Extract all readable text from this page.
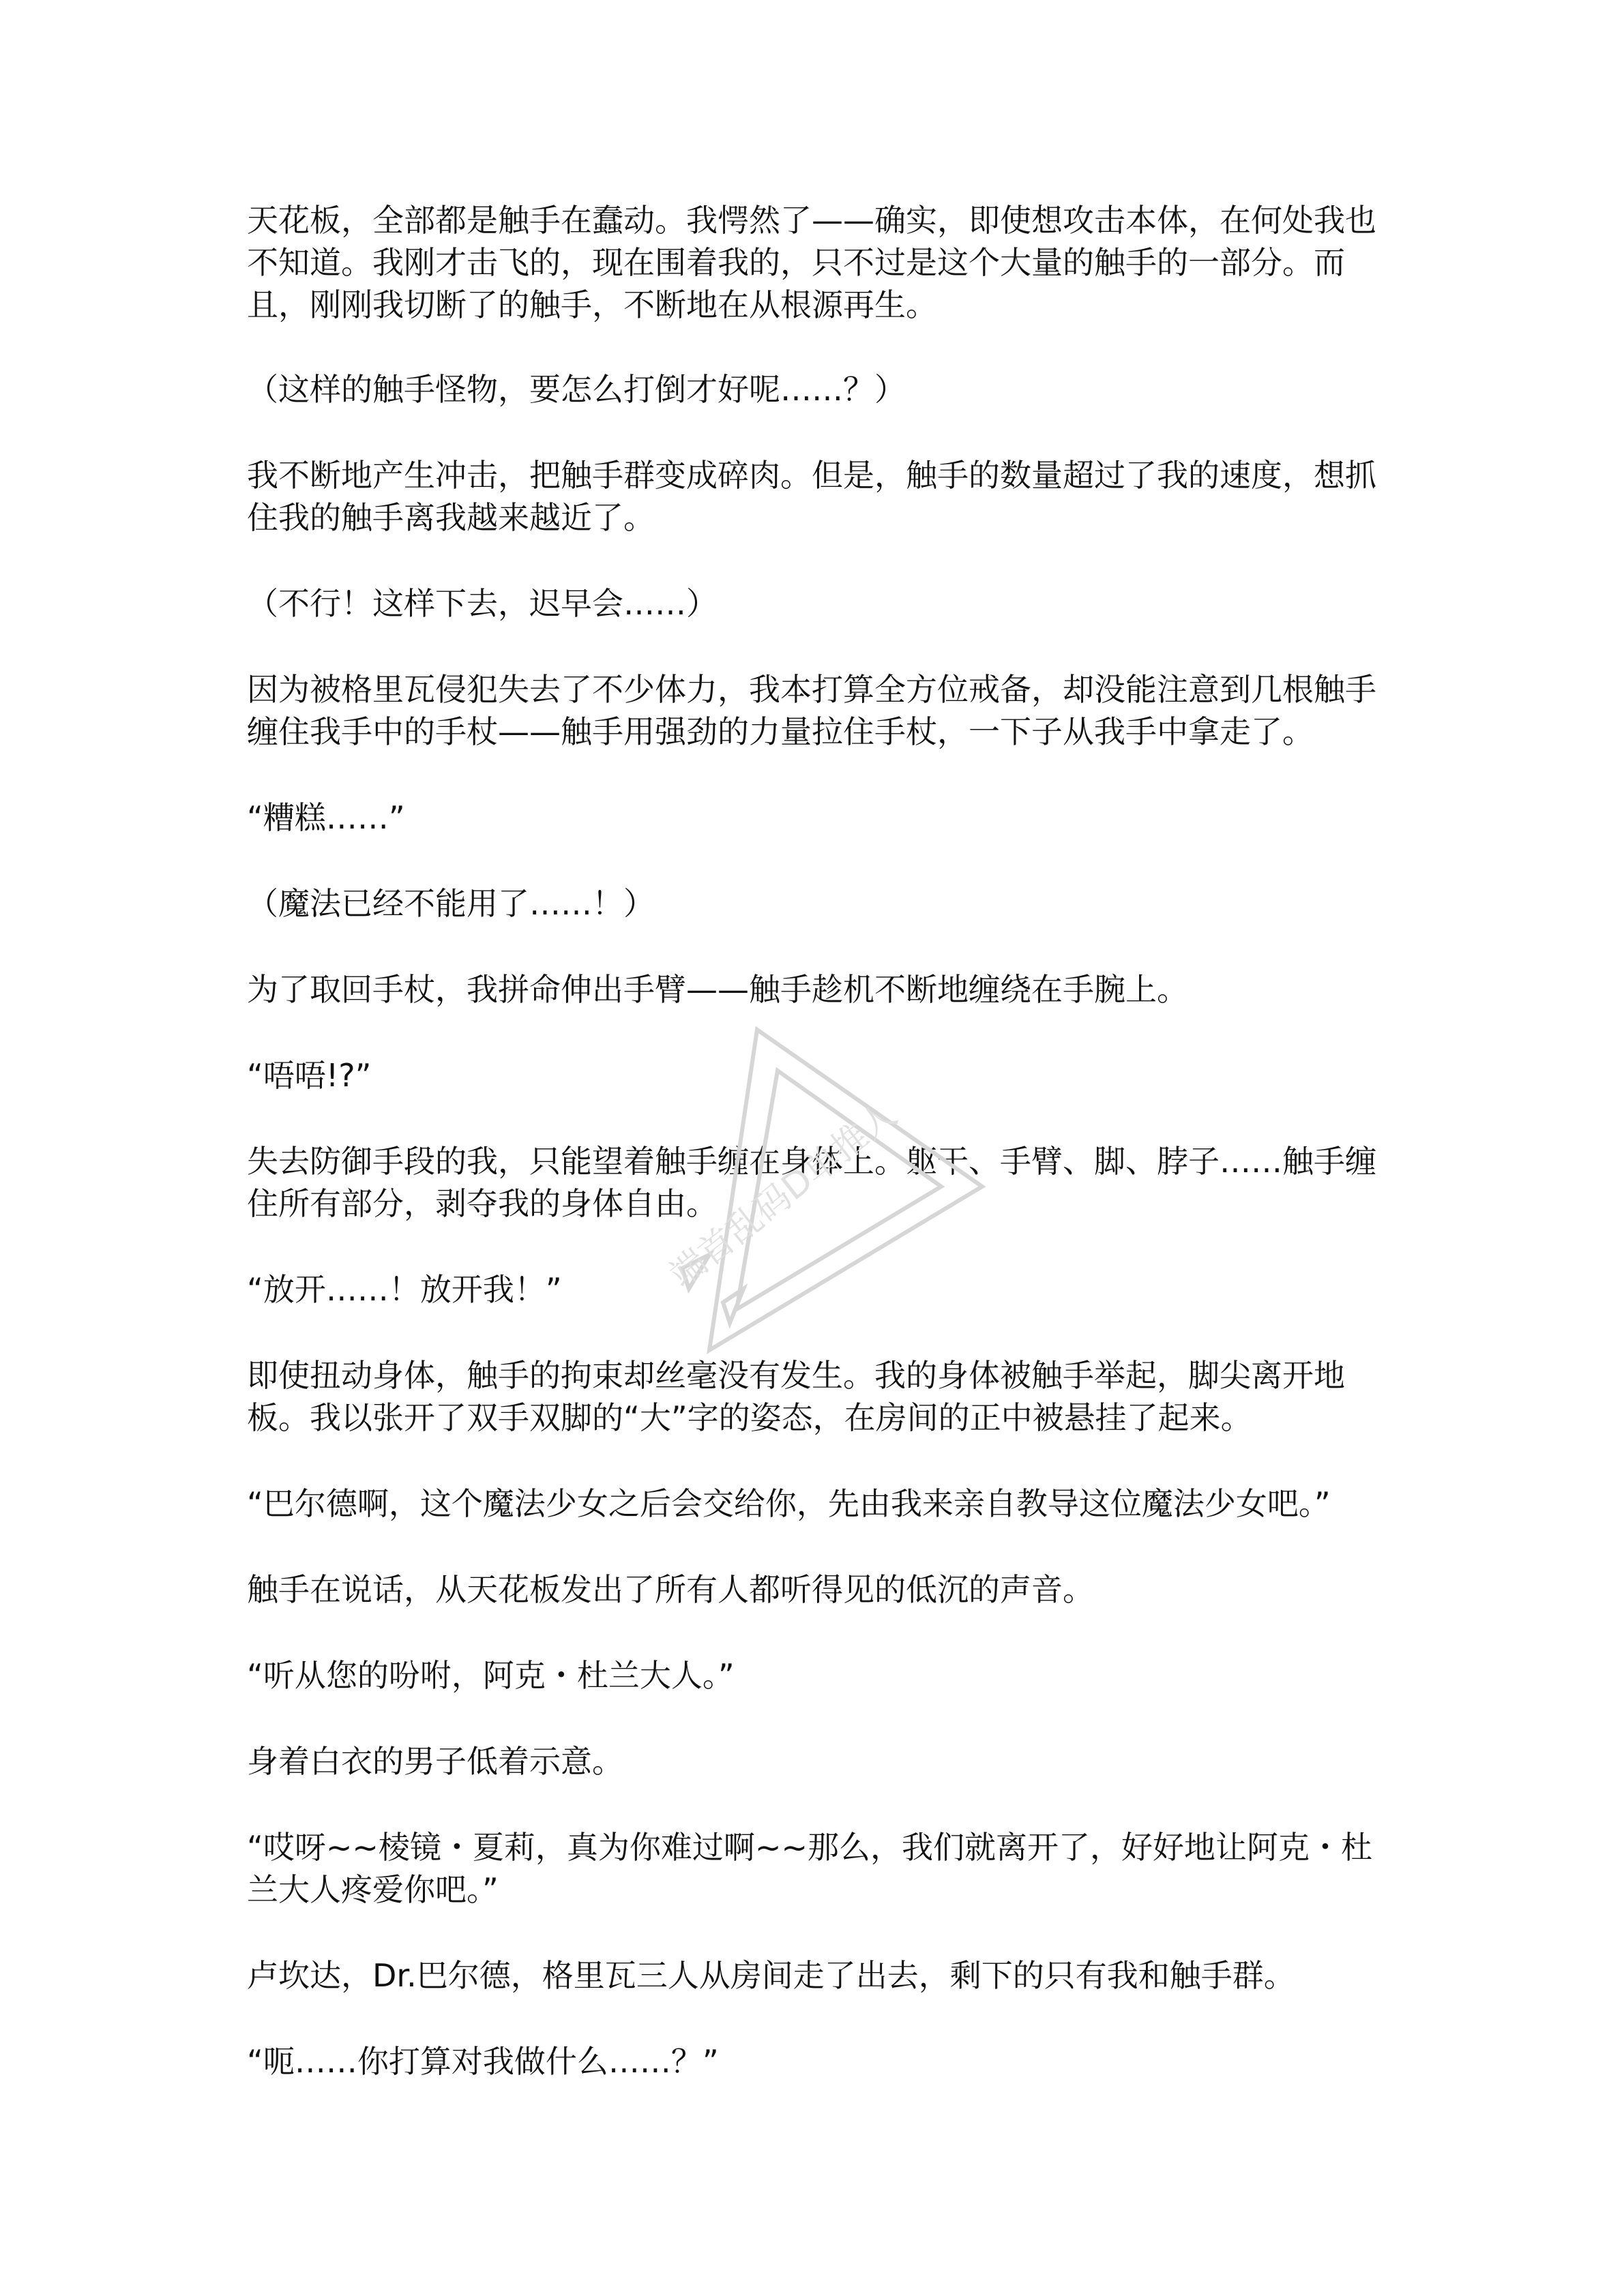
天花板，全部都是触手在蠢动。我愕然了——确实，即使想攻击本体，在何处我也不知道。我刚才击飞的，现在围着我的，只不过是这个大量的触手的一部分。而且，刚刚我切断了的触手，不断地在从根源再生。

（这样的触手怪物，要怎么打倒才好呢……？）

我不断地产生冲击，把触手群变成碎肉。但是，触手的数量超过了我的速度，想抓住我的触手离我越来越近了。

（不行！这样下去，迟早会……）

因为被格里瓦侵犯失去了不少体力，我本打算全方位戒备，却没能注意到几根触手缠住我手中的手杖——触手用强劲的力量拉住手杖，一下子从我手中拿走了。

“糟糕……”

（魔法已经不能用了……！）

为了取回手杖，我拼命伸出手臂——触手趁机不断地缠绕在手腕上。

“唔唔!?”

失去防御手段的我，只能望着触手缠在身体上。躯干、手臂、脚、脖子……触手缠住所有部分，剥夺我的身体自由。

“放开……！放开我！”

即使扭动身体，触手的拘束却丝毫没有发生。我的身体被触手举起，脚尖离开地板。我以张开了双手双脚的“大”字的姿态，在房间的正中被悬挂了起来。

“巴尔德啊，这个魔法少女之后会交给你，先由我来亲自教导这位魔法少女吧。”

触手在说话，从天花板发出了所有人都听得见的低沉的声音。

“听从您的吩咐，阿克・杜兰大人。”

身着白衣的男子低着示意。

“哎呀~~棱镜・夏莉，真为你难过啊~~那么，我们就离开了，好好地让阿克・杜兰大人疼爱你吧。”

卢坎达，Dr.巴尔德，格里瓦三人从房间走了出去，剩下的只有我和触手群。

“呃……你打算对我做什么……？”

端首乱码D单推人
